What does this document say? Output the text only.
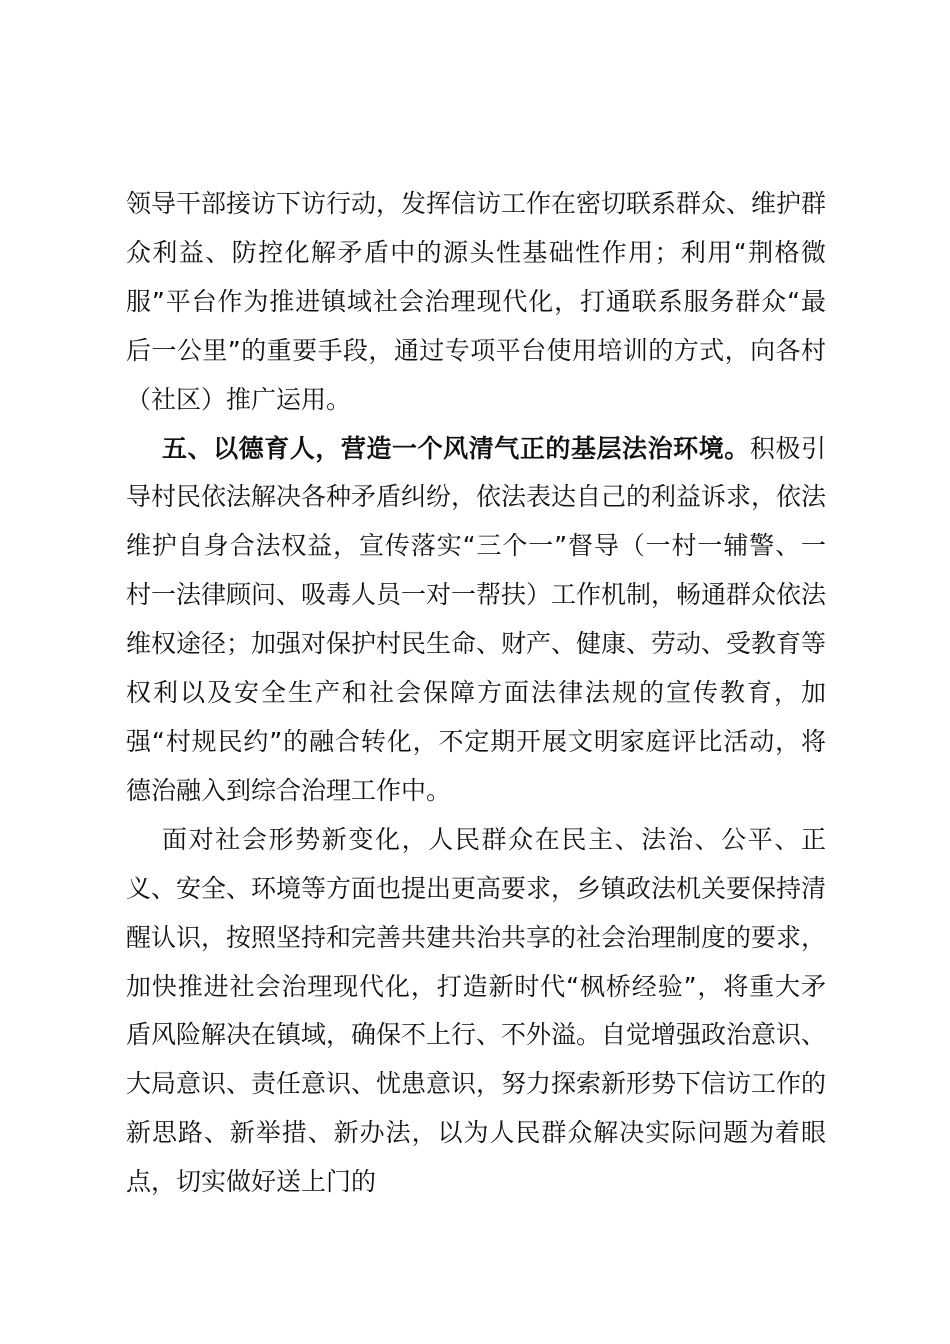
领导干部接访下访行动，发挥信访工作在密切联系群众、维护群众利益、防控化解矛盾中的源头性基础性作用；利用“荆格微服”平台作为推进镇域社会治理现代化，打通联系服务群众“最后一公里”的重要手段，通过专项平台使用培训的方式，向各村（社区）推广运用。

五、以德育人，营造一个风清气正的基层法治环境。积极引导村民依法解决各种矛盾纠纷，依法表达自己的利益诉求，依法维护自身合法权益，宣传落实“三个一”督导（一村一辅警、一村一法律顾问、吸毒人员一对一帮扶）工作机制，畅通群众依法维权途径；加强对保护村民生命、财产、健康、劳动、受教育等权利以及安全生产和社会保障方面法律法规的宣传教育，加强“村规民约”的融合转化，不定期开展文明家庭评比活动，将德治融入到综合治理工作中。

面对社会形势新变化，人民群众在民主、法治、公平、正义、安全、环境等方面也提出更高要求，乡镇政法机关要保持清醒认识，按照坚持和完善共建共治共享的社会治理制度的要求，加快推进社会治理现代化，打造新时代“枫桥经验”，将重大矛盾风险解决在镇域，确保不上行、不外溢。自觉增强政治意识、大局意识、责任意识、忧患意识，努力探索新形势下信访工作的新思路、新举措、新办法，以为人民群众解决实际问题为着眼点，切实做好送上门的
